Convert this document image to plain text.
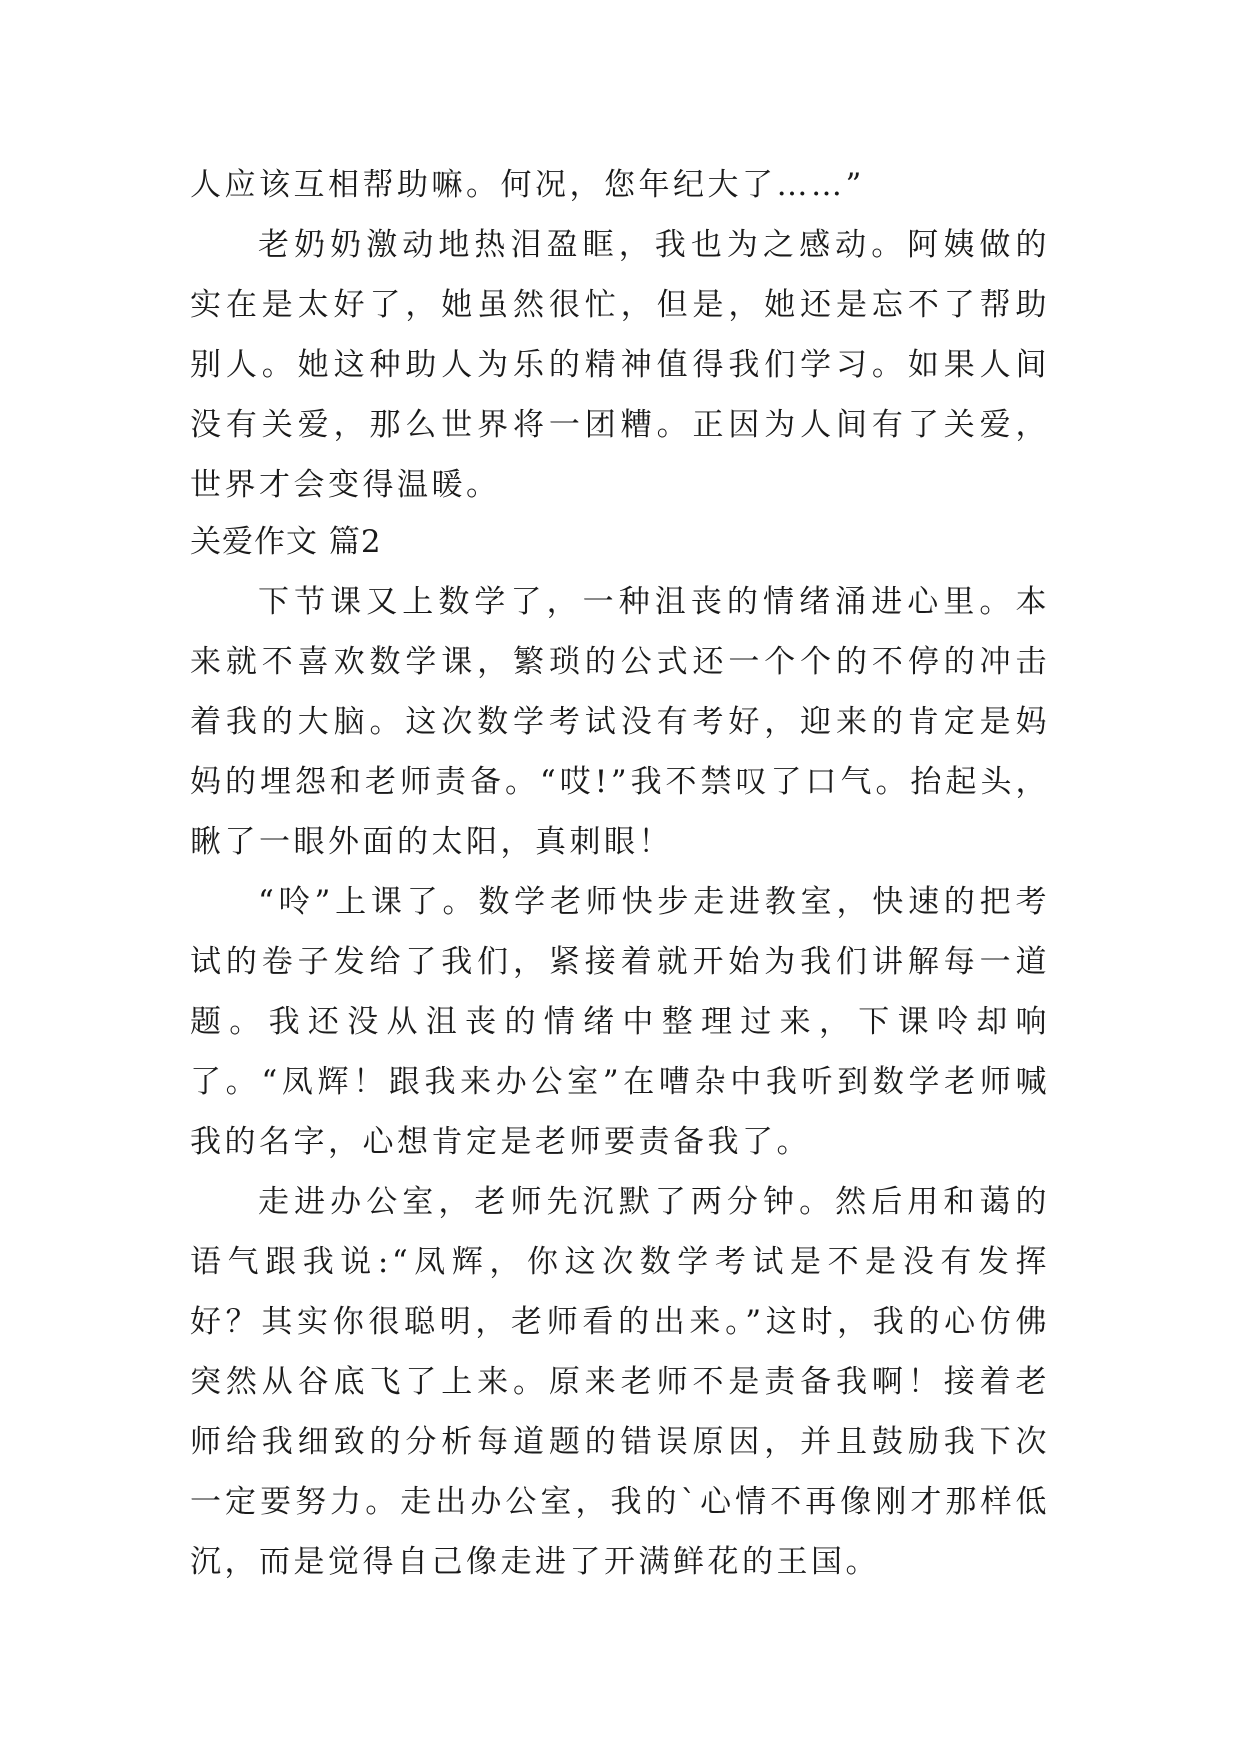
人应该互相帮助嘛。何况，您年纪大了……”

老奶奶激动地热泪盈眶，我也为之感动。阿姨做的实在是太好了，她虽然很忙，但是，她还是忘不了帮助别人。她这种助人为乐的精神值得我们学习。如果人间没有关爱，那么世界将一团糟。正因为人间有了关爱，世界才会变得温暖。

关爱作文 篇2

下节课又上数学了，一种沮丧的情绪涌进心里。本来就不喜欢数学课，繁琐的公式还一个个的不停的冲击着我的大脑。这次数学考试没有考好，迎来的肯定是妈妈的埋怨和老师责备。“哎!”我不禁叹了口气。抬起头，瞅了一眼外面的太阳，真刺眼！

“呤”上课了。数学老师快步走进教室，快速的把考试的卷子发给了我们，紧接着就开始为我们讲解每一道题。我还没从沮丧的情绪中整理过来，下课呤却响了。“凤辉！跟我来办公室”在嘈杂中我听到数学老师喊我的名字，心想肯定是老师要责备我了。

走进办公室，老师先沉默了两分钟。然后用和蔼的语气跟我说:“凤辉，你这次数学考试是不是没有发挥好？其实你很聪明，老师看的出来。”这时，我的心仿佛突然从谷底飞了上来。原来老师不是责备我啊！接着老师给我细致的分析每道题的错误原因，并且鼓励我下次一定要努力。走出办公室，我的`心情不再像刚才那样低沉，而是觉得自己像走进了开满鲜花的王国。
